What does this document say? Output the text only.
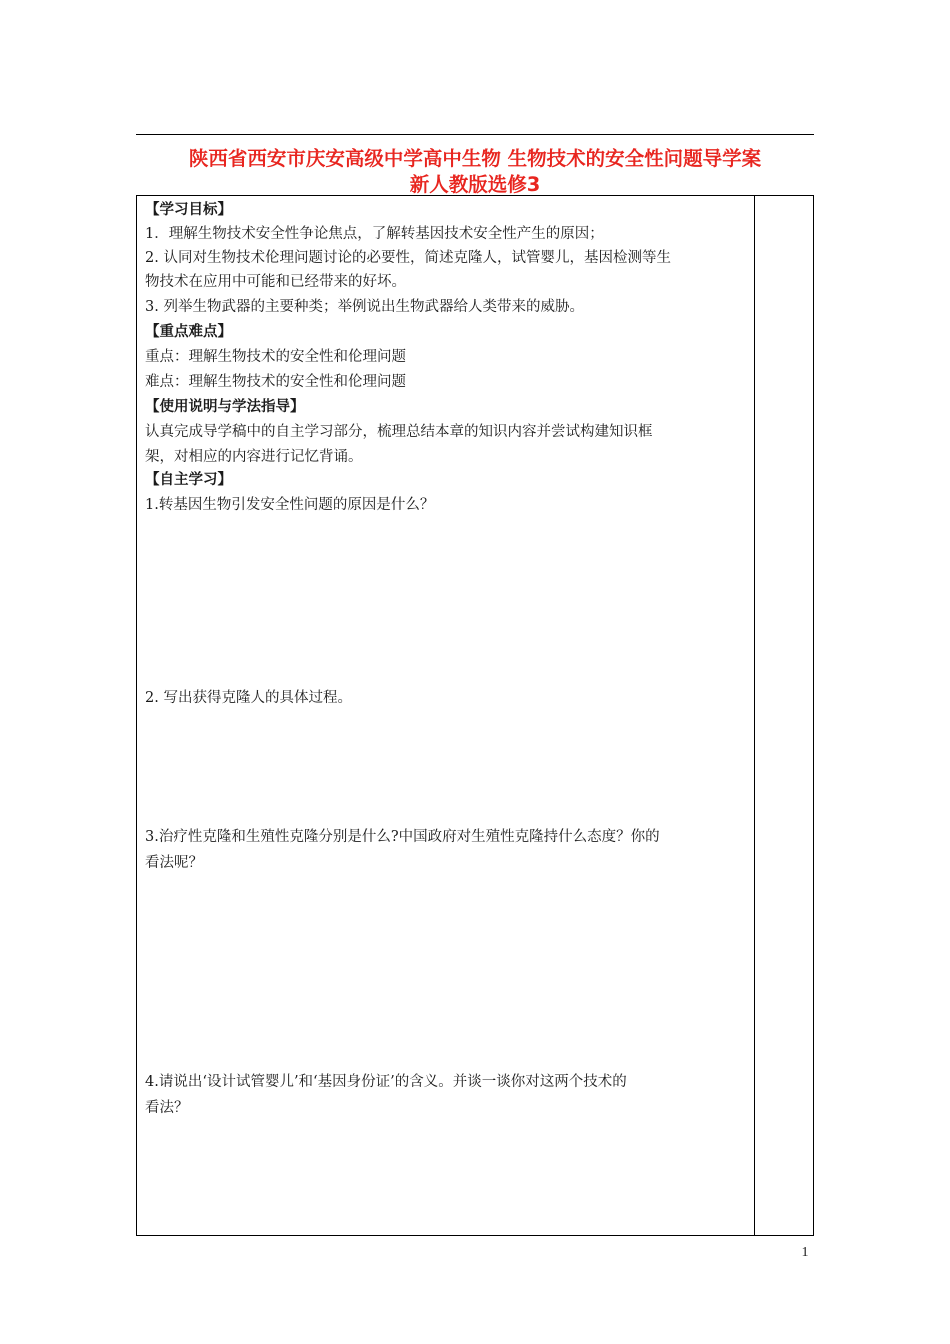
陕西省西安市庆安高级中学高中生物 生物技术的安全性问题导学案
新人教版选修3
【学习目标】
1．理解生物技术安全性争论焦点，了解转基因技术安全性产生的原因；
2. 认同对生物技术伦理问题讨论的必要性，简述克隆人，试管婴儿，基因检测等生
物技术在应用中可能和已经带来的好坏。
3. 列举生物武器的主要种类；举例说出生物武器给人类带来的威胁。
【重点难点】
重点：理解生物技术的安全性和伦理问题
难点：理解生物技术的安全性和伦理问题
【使用说明与学法指导】
认真完成导学稿中的自主学习部分，梳理总结本章的知识内容并尝试构建知识框
架，对相应的内容进行记忆背诵。
【自主学习】
1.转基因生物引发安全性问题的原因是什么？
2. 写出获得克隆人的具体过程。
3.治疗性克隆和生殖性克隆分别是什么?中国政府对生殖性克隆持什么态度？你的
看法呢？
4.请说出‘设计试管婴儿’和‘基因身份证’的含义。并谈一谈你对这两个技术的
看法？
1
